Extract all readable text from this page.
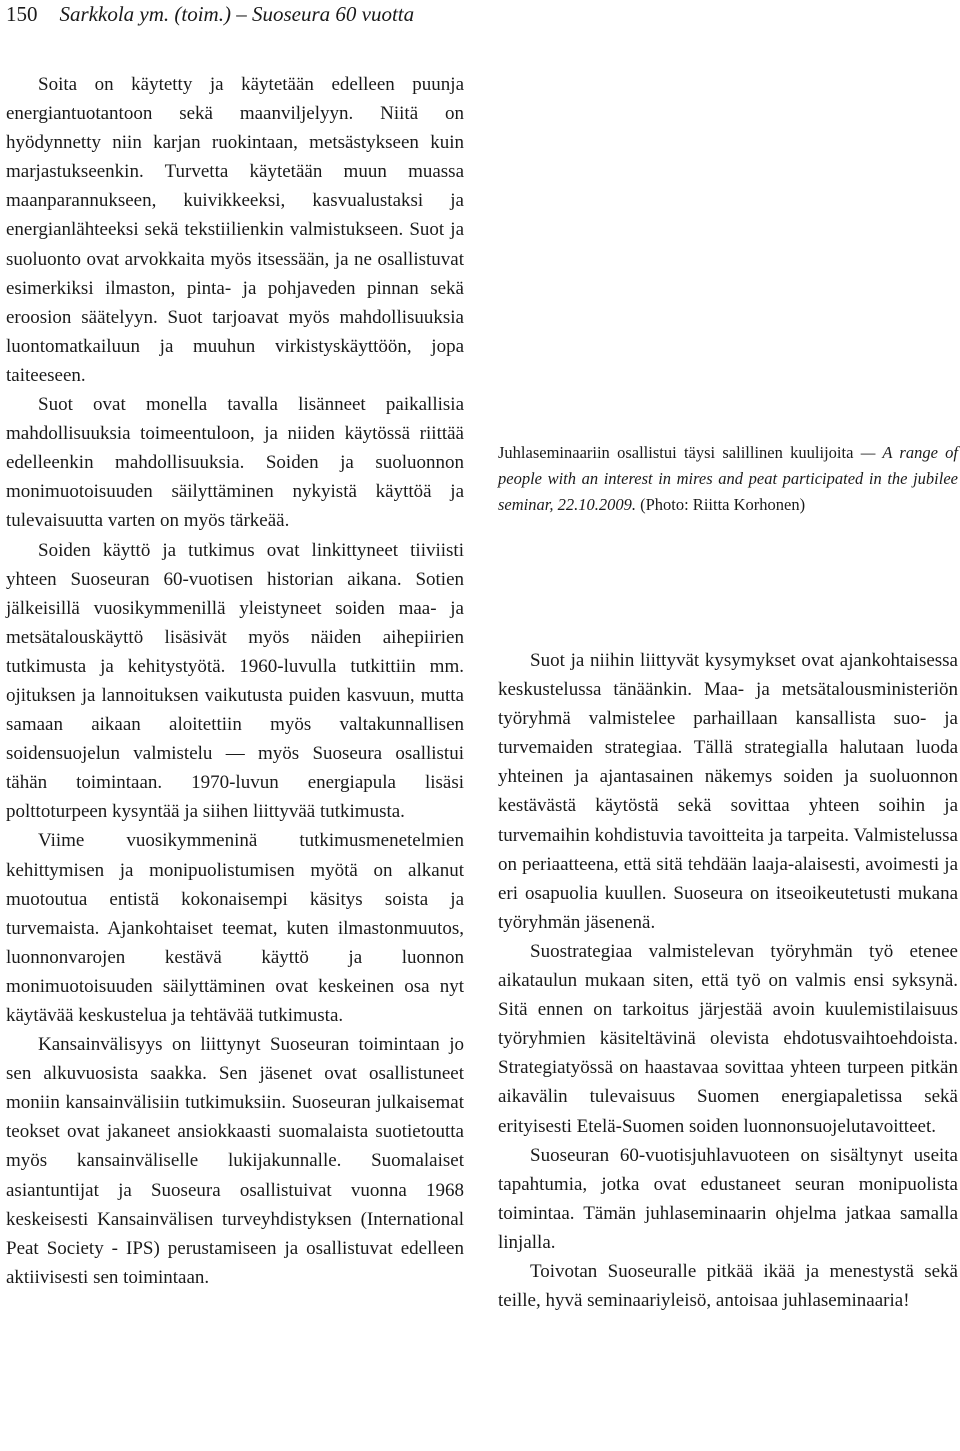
150 Sarkkola ym. (toim.) – Suoseura 60 vuotta

Soita on käytetty ja käytetään edelleen puunja energiantuotantoon sekä maanviljelyyn. Niitä on hyödynnetty niin karjan ruokintaan, metsästykseen kuin marjastukseenkin. Turvetta käytetään muun muassa maanparannukseen, kuivikkeeksi, kasvualustaksi ja energianlähteeksi sekä tekstiilienkin valmistukseen. Suot ja suoluonto ovat arvokkaita myös itsessään, ja ne osallistuvat esimerkiksi ilmaston, pinta- ja pohjaveden pinnan sekä eroosion säätelyyn. Suot tarjoavat myös mahdollisuuksia luontomatkailuun ja muuhun virkistyskäyttöön, jopa taiteeseen.

Suot ovat monella tavalla lisänneet paikallisia mahdollisuuksia toimeentuloon, ja niiden käytössä riittää edelleenkin mahdollisuuksia. Soiden ja suoluonnon monimuotoisuuden säilyttäminen nykyistä käyttöä ja tulevaisuutta varten on myös tärkeää.

Soiden käyttö ja tutkimus ovat linkittyneet tiiviisti yhteen Suoseuran 60-vuotisen historian aikana. Sotien jälkeisillä vuosikymmenillä yleistyneet soiden maa- ja metsätalouskäyttö lisäsivät myös näiden aihepiirien tutkimusta ja kehitystyötä. 1960-luvulla tutkittiin mm. ojituksen ja lannoituksen vaikutusta puiden kasvuun, mutta samaan aikaan aloitettiin myös valtakunnallisen soidensuojelun valmistelu — myös Suoseura osallistui tähän toimintaan. 1970-luvun energiapula lisäsi polttoturpeen kysyntää ja siihen liittyvää tutkimusta.

Viime vuosikymmeninä tutkimusmenetelmien kehittymisen ja monipuolistumisen myötä on alkanut muotoutua entistä kokonaisempi käsitys soista ja turvemaista. Ajankohtaiset teemat, kuten ilmastonmuutos, luonnonvarojen kestävä käyttö ja luonnon monimuotoisuuden säilyttäminen ovat keskeinen osa nyt käytävää keskustelua ja tehtävää tutkimusta.

Kansainvälisyys on liittynyt Suoseuran toimintaan jo sen alkuvuosista saakka. Sen jäsenet ovat osallistuneet moniin kansainvälisiin tutkimuksiin. Suoseuran julkaisemat teokset ovat jakaneet ansiokkaasti suomalaista suotietoutta myös kansainväliselle lukijakunnalle. Suomalaiset asiantuntijat ja Suoseura osallistuivat vuonna 1968 keskeisesti Kansainvälisen turveyhdistyksen (International Peat Society - IPS) perustamiseen ja osallistuvat edelleen aktiivisesti sen toimintaan.

Juhlaseminaariin osallistui täysi salillinen kuulijoita — A range of people with an interest in mires and peat participated in the jubilee seminar, 22.10.2009. (Photo: Riitta Korhonen)

Suot ja niihin liittyvät kysymykset ovat ajankohtaisessa keskustelussa tänäänkin. Maa- ja metsätalousministeriön työryhmä valmistelee parhaillaan kansallista suo- ja turvemaiden strategiaa. Tällä strategialla halutaan luoda yhteinen ja ajantasainen näkemys soiden ja suoluonnon kestävästä käytöstä sekä sovittaa yhteen soihin ja turvemaihin kohdistuvia tavoitteita ja tarpeita. Valmistelussa on periaatteena, että sitä tehdään laaja-alaisesti, avoimesti ja eri osapuolia kuullen. Suoseura on itseoikeutetusti mukana työryhmän jäsenenä.

Suostrategiaa valmistelevan työryhmän työ etenee aikataulun mukaan siten, että työ on valmis ensi syksynä. Sitä ennen on tarkoitus järjestää avoin kuulemistilaisuus työryhmien käsiteltävinä olevista ehdotusvaihtoehdoista. Strategiatyössä on haastavaa sovittaa yhteen turpeen pitkän aikavälin tulevaisuus Suomen energiapaletissa sekä erityisesti Etelä-Suomen soiden luonnonsuojelutavoitteet.

Suoseuran 60-vuotisjuhlavuoteen on sisältynyt useita tapahtumia, jotka ovat edustaneet seuran monipuolista toimintaa. Tämän juhlaseminaarin ohjelma jatkaa samalla linjalla.

Toivotan Suoseuralle pitkää ikää ja menestystä sekä teille, hyvä seminaariyleisö, antoisaa juhlaseminaaria!
